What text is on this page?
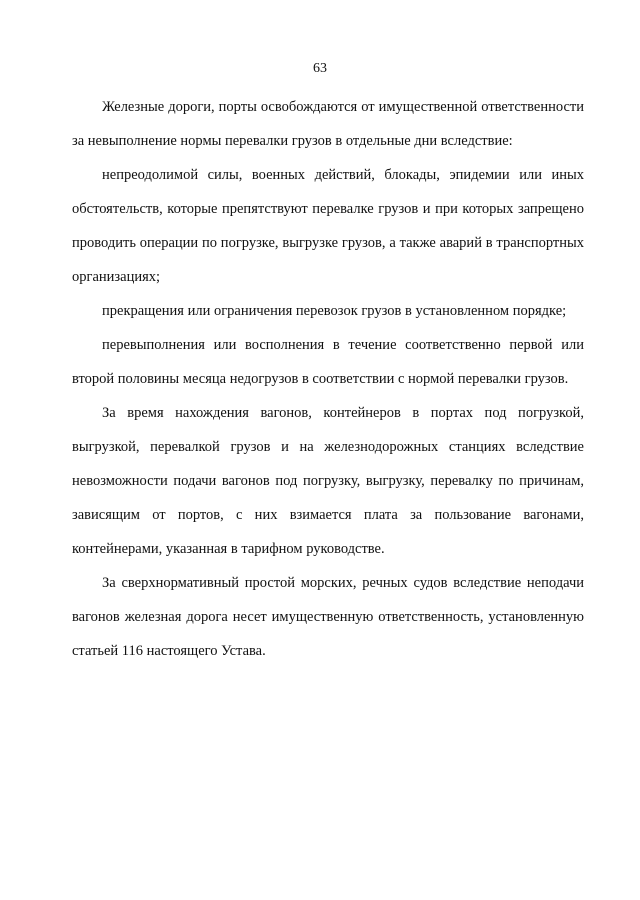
63

Железные дороги, порты освобождаются от имущественной ответственности за невыполнение нормы перевалки грузов в отдельные дни вследствие:

непреодолимой силы, военных действий, блокады, эпидемии или иных обстоятельств, которые препятствуют перевалке грузов и при которых запрещено проводить операции по погрузке, выгрузке грузов, а также аварий в транспортных организациях;

прекращения или ограничения перевозок грузов в установленном порядке;

перевыполнения или восполнения в течение соответственно первой или второй половины месяца недогрузов в соответствии с нормой перевалки грузов.

За время нахождения вагонов, контейнеров в портах под погрузкой, выгрузкой, перевалкой грузов и на железнодорожных станциях вследствие невозможности подачи вагонов под погрузку, выгрузку, перевалку по причинам, зависящим от портов, с них взимается плата за пользование вагонами, контейнерами, указанная в тарифном руководстве.

За сверхнормативный простой морских, речных судов вследствие неподачи вагонов железная дорога несет имущественную ответственность, установленную статьей 116 настоящего Устава.
